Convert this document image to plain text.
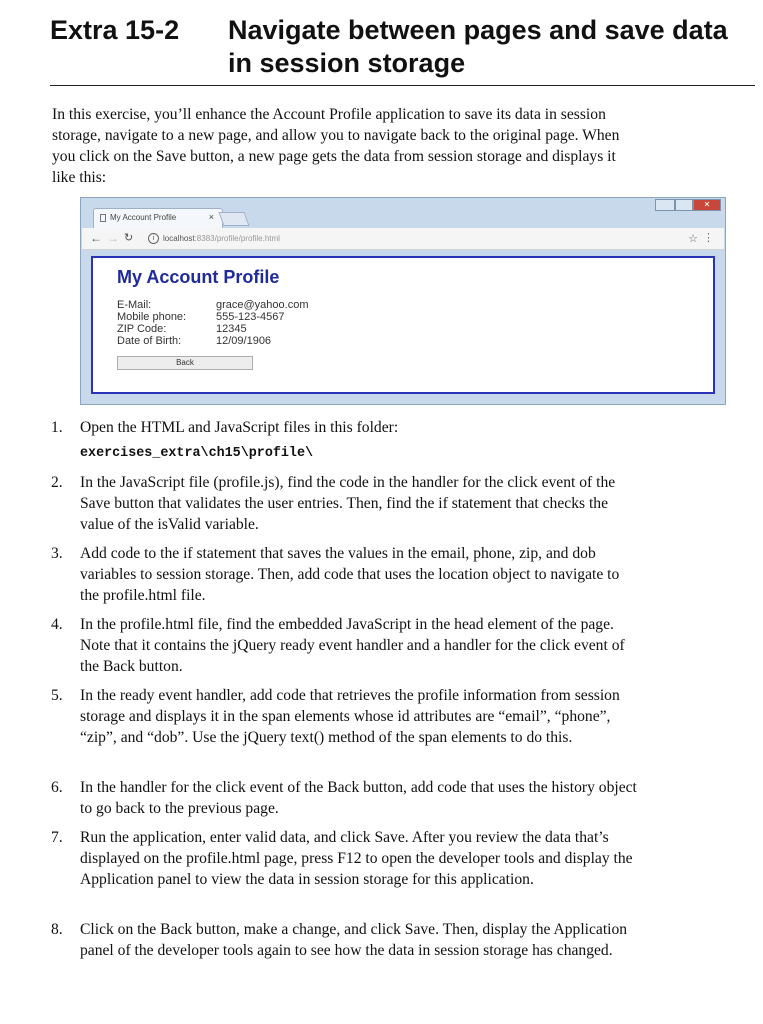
Extra 15-2 Navigate between pages and save data in session storage

In this exercise, you’ll enhance the Account Profile application to save its data in session storage, navigate to a new page, and allow you to navigate back to the original page. When you click on the Save button, a new page gets the data from session storage and displays it like this:

✕
My Account Profile	×
← → ↻	i localhost:8383/profile/profile.html	☆ ⋮
My Account Profile
E-Mail:	grace@yahoo.com
Mobile phone:	555-123-4567
ZIP Code:	12345
Date of Birth:	12/09/1906
Back
1.	Open the HTML and JavaScript files in this folder:
2.	In the JavaScript file (profile.js), find the code in the handler for the click event of the Save button that validates the user entries. Then, find the if statement that checks the value of the isValid variable.
3.	Add code to the if statement that saves the values in the email, phone, zip, and dob variables to session storage. Then, add code that uses the location object to navigate to the profile.html file.
4.	In the profile.html file, find the embedded JavaScript in the head element of the page. Note that it contains the jQuery ready event handler and a handler for the click event of the Back button.
5.	In the ready event handler, add code that retrieves the profile information from session storage and displays it in the span elements whose id attributes are “email”, “phone”, “zip”, and “dob”. Use the jQuery text() method of the span elements to do this.
6.	In the handler for the click event of the Back button, add code that uses the history object to go back to the previous page.
7.	Run the application, enter valid data, and click Save. After you review the data that’s displayed on the profile.html page, press F12 to open the developer tools and display the Application panel to view the data in session storage for this application.
8.	Click on the Back button, make a change, and click Save. Then, display the Application panel of the developer tools again to see how the data in session storage has changed.
exercises_extra\ch15\profile\
